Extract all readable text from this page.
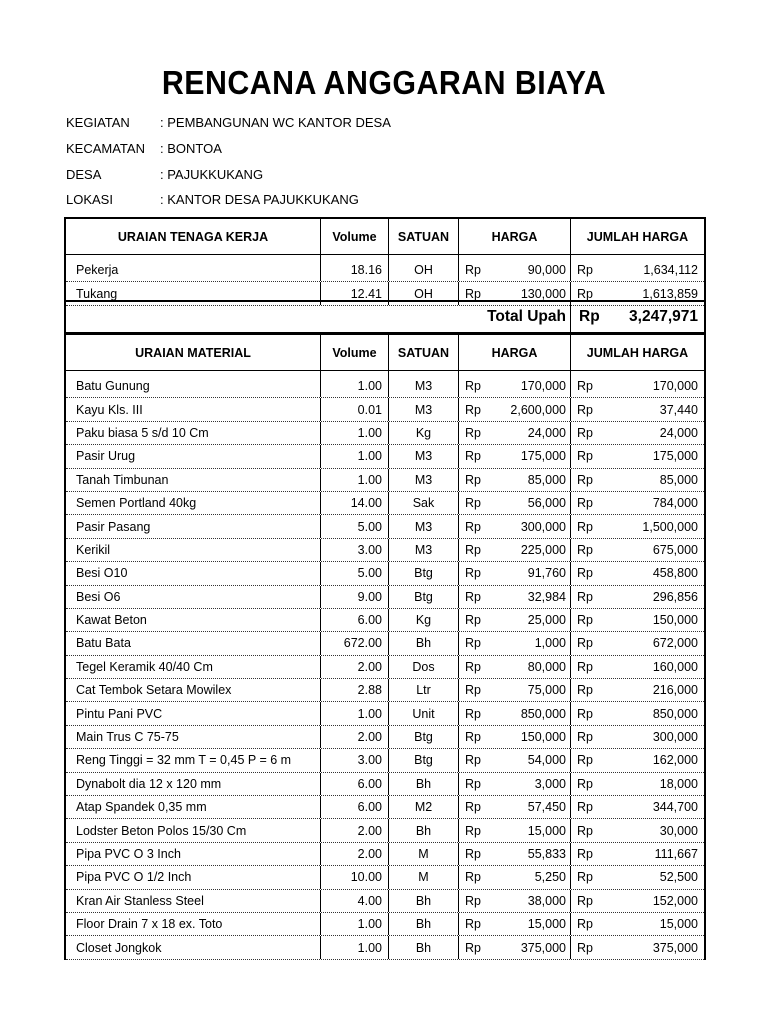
RENCANA ANGGARAN BIAYA
KEGIATAN : PEMBANGUNAN WC KANTOR DESA
KECAMATAN : BONTOA
DESA	: PAJUKKUKANG
LOKASI	: KANTOR DESA PAJUKKUKANG
URAIAN TENAGA KERJA	Volume	SATUAN	HARGA	JUMLAH HARGA
Pekerja	18.16	OH	Rp	90,000 Rp	1,634,112
Tukang	12.41	OH	Rp	130,000 Rp	1,613,859
Total Upah Rp 3,247,971
URAIAN MATERIAL	Volume	SATUAN	HARGA	JUMLAH HARGA
Batu Gunung	1.00	M3	Rp	170,000 Rp	170,000
Kayu Kls. III	0.01	M3	Rp	2,600,000 Rp	37,440
Paku biasa 5 s/d 10 Cm	1.00	Kg	Rp	24,000 Rp	24,000
Pasir Urug	1.00	M3	Rp	175,000 Rp	175,000
Tanah Timbunan	1.00	M3	Rp	85,000 Rp	85,000
Semen Portland 40kg	14.00	Sak	Rp	56,000 Rp	784,000
Pasir Pasang	5.00	M3	Rp	300,000 Rp	1,500,000
Kerikil	3.00	M3	Rp	225,000 Rp	675,000
Besi Ο10	5.00	Btg	Rp	91,760 Rp	458,800
Besi Ο6	9.00	Btg	Rp	32,984 Rp	296,856
Kawat Beton	6.00	Kg	Rp	25,000 Rp	150,000
Batu Bata	672.00	Bh	Rp	1,000 Rp	672,000
Tegel Keramik 40/40 Cm	2.00	Dos	Rp	80,000 Rp	160,000
Cat Tembok Setara Mowilex	2.88	Ltr	Rp	75,000 Rp	216,000
Pintu Pani PVC	1.00	Unit	Rp	850,000 Rp	850,000
Main Trus C 75-75	2.00	Btg	Rp	150,000 Rp	300,000
Reng Tinggi = 32 mm T = 0,45 P = 6 m	3.00	Btg	Rp	54,000 Rp	162,000
Dynabolt dia 12 x 120 mm	6.00	Bh	Rp	3,000 Rp	18,000
Atap Spandek 0,35 mm	6.00	M2	Rp	57,450 Rp	344,700
Lodster Beton Polos 15/30 Cm	2.00	Bh	Rp	15,000 Rp	30,000
Pipa PVC Ο 3 Inch	2.00	M	Rp	55,833 Rp	111,667
Pipa PVC Ο 1/2 Inch	10.00	M	Rp	5,250 Rp	52,500
Kran Air Stanless Steel	4.00	Bh	Rp	38,000 Rp	152,000
Floor Drain 7 x 18 ex. Toto	1.00	Bh	Rp	15,000 Rp	15,000
Closet Jongkok	1.00	Bh	Rp	375,000 Rp	375,000
